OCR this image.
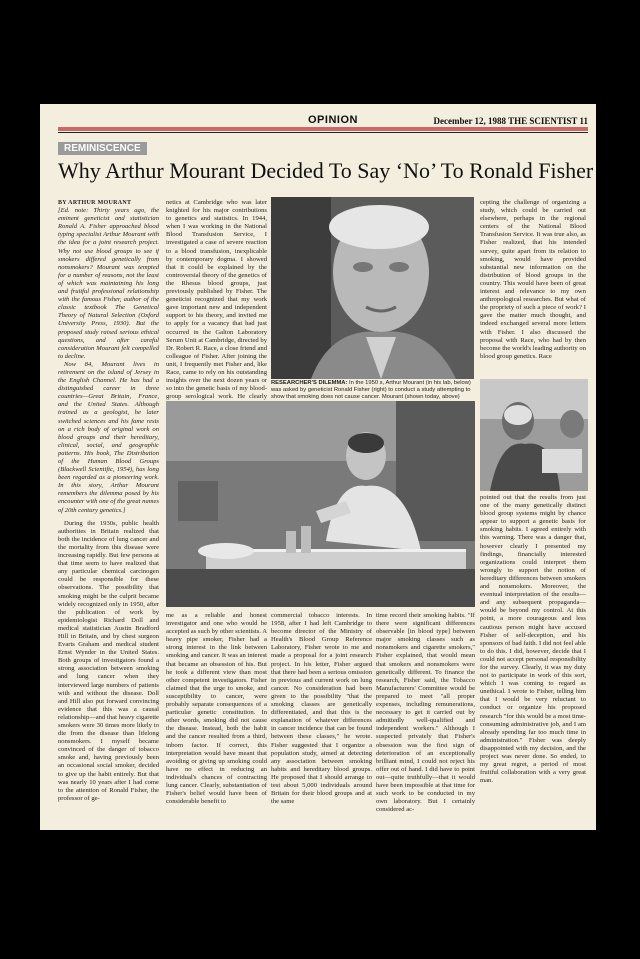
OPINION	December 12, 1988 THE SCIENTIST 11
REMINISCENCE
Why Arthur Mourant Decided To Say ‘No’ To Ronald Fisher

BY ARTHUR MOURANT

[Ed. note: Thirty years ago, the eminent geneticist and statistician Ronald A. Fisher approached blood typing specialist Arthur Mourant with the idea for a joint research project. Why not use blood groups to see if smokers differed genetically from nonsmokers? Mourant was tempted for a number of reasons, not the least of which was maintaining his long and fruitful professional relationship with the famous Fisher, author of the classic textbook The Genetical Theory of Natural Selection (Oxford University Press, 1930). But the proposed study raised serious ethical questions, and after careful consideration Mourant felt compelled to decline.

Now 84, Mourant lives in retirement on the island of Jersey in the English Channel. He has had a distinguished career in three countries—Great Britain, France, and the United States. Although trained as a geologist, he later switched sciences and his fame rests on a rich body of original work on blood groups and their hereditary, clinical, social, and geographic patterns. His book, The Distribution of the Human Blood Groups (Blackwell Scientific, 1954), has long been regarded as a pioneering work. In this story, Arthur Mourant remembers the dilemma posed by his encounter with one of the great names of 20th century genetics.]

During the 1930s, public health authorities in Britain realized that both the incidence of lung cancer and the mortality from this disease were increasing rapidly. But few persons at that time seem to have realized that any particular chemical carcinogen could be responsible for these observations. The possibility that smoking might be the culprit became widely recognized only in 1950, after the publication of work by epidemiologist Richard Doll and medical statistician Austin Bradford Hill in Britain, and by chest surgeon Evarts Graham and medical student Ernst Wynder in the United States. Both groups of investigators found a strong association between smoking and lung cancer when they interviewed large numbers of patients with and without the disease. Doll and Hill also put forward convincing evidence that this was a causal relationship—and that heavy cigarette smokers were 30 times more likely to die from the disease than lifelong nonsmokers. I myself became convinced of the danger of tobacco smoke and, having previously been an occasional social smoker, decided to give up the habit entirely. But that was nearly 10 years after I had come to the attention of Ronald Fisher, the professor of ge-

netics at Cambridge who was later knighted for his major contributions to genetics and statistics. In 1944, when I was working in the National Blood Transfusion Service, I investigated a case of severe reaction to a blood transfusion, inexplicable by contemporary dogma. I showed that it could be explained by the controversial theory of the genetics of the Rhesus blood groups, just previously published by Fisher. The geneticist recognized that my work gave important new and independent support to his theory, and invited me to apply for a vacancy that had just occurred in the Galton Laboratory Serum Unit at Cambridge, directed by Dr. Robert R. Race, a close friend and colleague of Fisher. After joining the unit, I frequently met Fisher and, like Race, came to rely on his outstanding insights over the next dozen years or so into the genetic basis of my blood-group serological work. He clearly

RESEARCHER'S DILEMMA: In the 1950 s, Arthur Mourant (in his lab, below) was asked by geneticist Ronald Fisher (right) to conduct a study attempting to show that smoking does not cause cancer. Mourant (shown today, above)

cepting the challenge of organizing a study, which could be carried out elsewhere, perhaps in the regional centers of the National Blood Transfusion Service. It was true also, as Fisher realized, that his intended survey, quite apart from its relation to smoking, would have provided substantial new information on the distribution of blood groups in the country. This would have been of great interest and relevance to my own anthropological researches. But what of the propriety of such a piece of work? I gave the matter much thought, and indeed exchanged several more letters with Fisher. I also discussed the proposal with Race, who had by then become the world's leading authority on blood group genetics. Race

pointed out that the results from just one of the many genetically distinct blood group systems might by chance appear to support a genetic basis for smoking habits. I agreed entirely with this warning. There was a danger that, however clearly I presented my findings, financially interested organizations could interpret them wrongly to support the notion of hereditary differences between smokers and nonsmokers. Moreover, the eventual interpretation of the results—and any subsequent propaganda—would be beyond my control. At this point, a more courageous and less cautious person might have accused Fisher of self-deception, and his sponsors of bad faith. I did not feel able to do this. I did, however, decide that I could not accept personal responsibility for the survey. Clearly, it was my duty not to participate in work of this sort, which I was coming to regard as unethical. I wrote to Fisher, telling him that I would be very reluctant to conduct or organize his proposed research "for this would be a most time-consuming administrative job, and I am already spending far too much time in administration." Fisher was deeply disappointed with my decision, and the project was never done. So ended, to my great regret, a period of most fruitful collaboration with a very great man.

me as a reliable and honest investigator and one who would be accepted as such by other scientists. A heavy pipe smoker, Fisher had a strong interest in the link between smoking and cancer. It was an interest that became an obsession of his. But he took a different view than most other competent investigators. Fisher claimed that the urge to smoke, and susceptibility to cancer, were probably separate consequences of a particular genetic constitution. In other words, smoking did not cause the disease. Instead, both the habit and the cancer resulted from a third, inborn factor. If correct, this interpretation would have meant that avoiding or giving up smoking could have no effect in reducing an individual's chances of contracting lung cancer. Clearly, substantiation of Fisher's belief would have been of considerable benefit to

commercial tobacco interests. In 1958, after I had left Cambridge to become director of the Ministry of Health's Blood Group Reference Laboratory, Fisher wrote to me and made a proposal for a joint research project. In his letter, Fisher argued that there had been a serious omission in previous and current work on lung cancer. No consideration had been given to the possibility "that the smoking classes are genetically differentiated, and that this is the explanation of whatever differences in cancer incidence that can be found between these classes," he wrote. Fisher suggested that I organize a population study, aimed at detecting any association between smoking habits and hereditary blood groups. He proposed that I should arrange to test about 5,000 individuals around Britain for their blood groups and at the same

time record their smoking habits. "If there were significant differences observable [in blood type] between major smoking classes such as nonsmokers and cigarette smokers," Fisher explained, that would mean that smokers and nonsmokers were genetically different. To finance the research, Fisher said, the Tobacco Manufacturers' Committee would be prepared to meet "all proper expenses, including remunerations, necessary to get it carried out by admittedly well-qualified and independent workers." Although I suspected privately that Fisher's obsession was the first sign of deterioration of an exceptionally brilliant mind, I could not reject his offer out of hand. I did have to point out—quite truthfully—that it would have been impossible at that time for such work to be conducted in my own laboratory. But I certainly considered ac-
